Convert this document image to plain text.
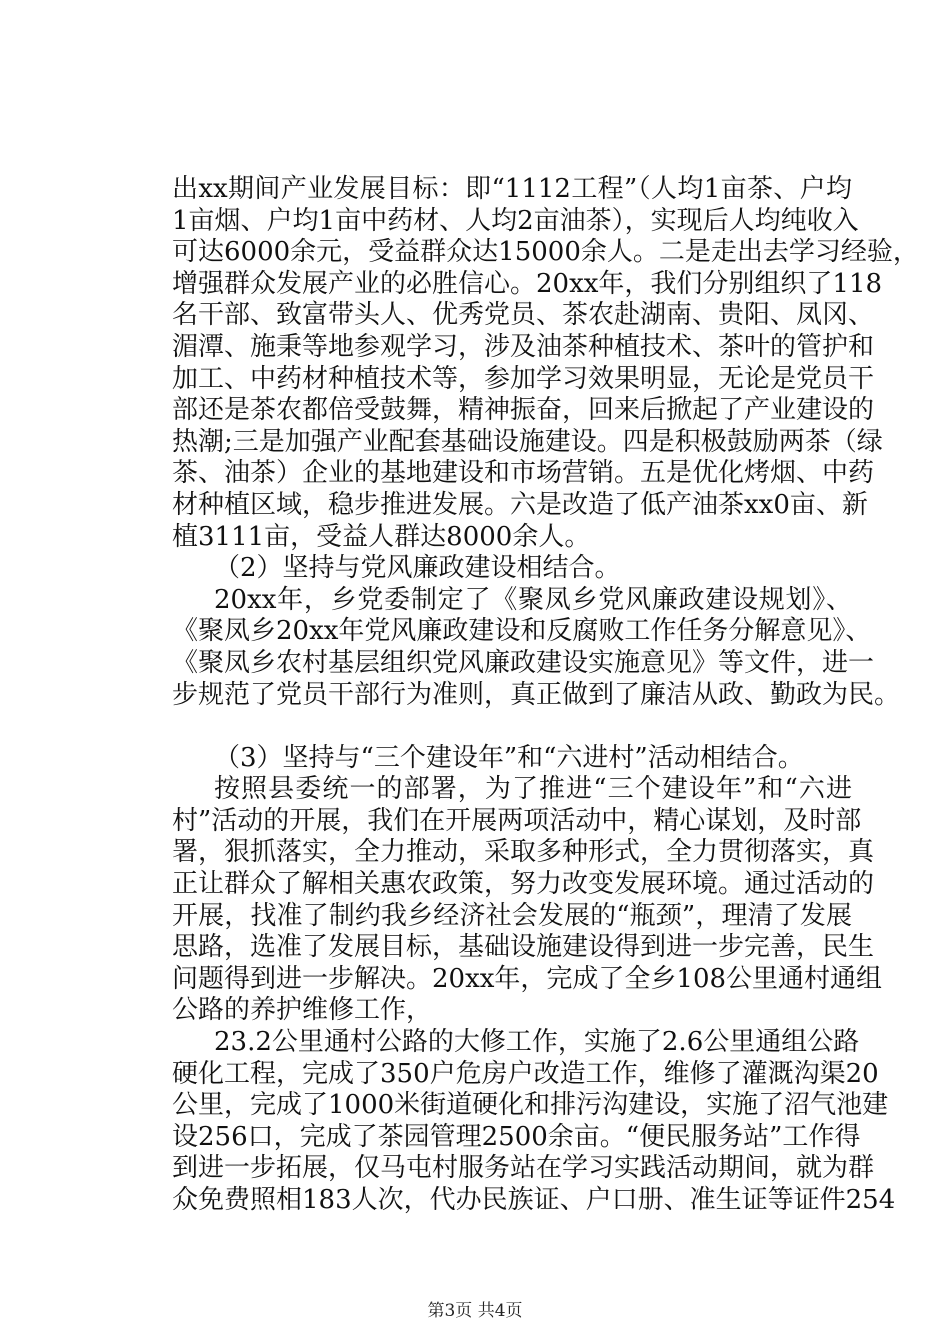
出xx期间产业发展目标：即“1112工程”（人均1亩茶、户均
1亩烟、户均1亩中药材、人均2亩油茶），实现后人均纯收入
可达6000余元，受益群众达15000余人。二是走出去学习经验，
增强群众发展产业的必胜信心。20xx年，我们分别组织了118
名干部、致富带头人、优秀党员、茶农赴湖南、贵阳、凤冈、
湄潭、施秉等地参观学习，涉及油茶种植技术、茶叶的管护和
加工、中药材种植技术等，参加学习效果明显，无论是党员干
部还是茶农都倍受鼓舞，精神振奋，回来后掀起了产业建设的
热潮;三是加强产业配套基础设施建设。四是积极鼓励两茶（绿
茶、油茶）企业的基地建设和市场营销。五是优化烤烟、中药
材种植区域，稳步推进发展。六是改造了低产油茶xx0亩、新
植3111亩，受益人群达8000余人。
（2）坚持与党风廉政建设相结合。
20xx年，乡党委制定了《聚凤乡党风廉政建设规划》、
《聚凤乡20xx年党风廉政建设和反腐败工作任务分解意见》、
《聚凤乡农村基层组织党风廉政建设实施意见》等文件，进一
步规范了党员干部行为准则，真正做到了廉洁从政、勤政为民。
（3）坚持与“三个建设年”和“六进村”活动相结合。
按照县委统一的部署，为了推进“三个建设年”和“六进
村”活动的开展，我们在开展两项活动中，精心谋划，及时部
署，狠抓落实，全力推动，采取多种形式，全力贯彻落实，真
正让群众了解相关惠农政策，努力改变发展环境。通过活动的
开展，找准了制约我乡经济社会发展的“瓶颈”，理清了发展
思路，选准了发展目标，基础设施建设得到进一步完善，民生
问题得到进一步解决。20xx年，完成了全乡108公里通村通组
公路的养护维修工作，
23.2公里通村公路的大修工作，实施了2.6公里通组公路
硬化工程，完成了350户危房户改造工作，维修了灌溉沟渠20
公里，完成了1000米街道硬化和排污沟建设，实施了沼气池建
设256口，完成了茶园管理2500余亩。“便民服务站”工作得
到进一步拓展，仅马屯村服务站在学习实践活动期间，就为群
众免费照相183人次，代办民族证、户口册、准生证等证件254
第3页 共4页
